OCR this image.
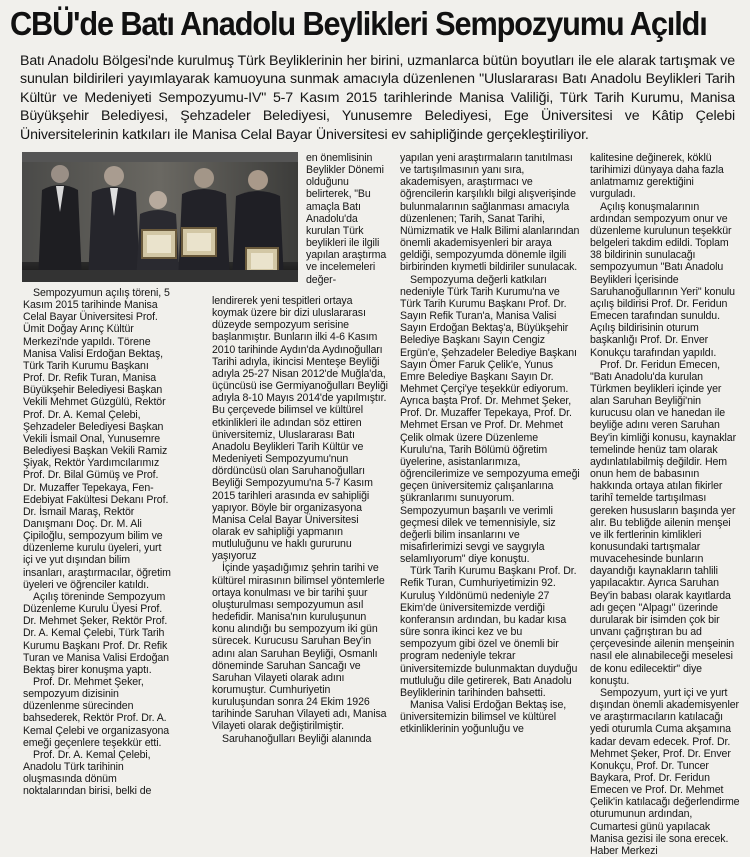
CBÜ'de Batı Anadolu Beylikleri Sempozyumu Açıldı

Batı Anadolu Bölgesi'nde kurulmuş Türk Beyliklerinin her birini, uzmanlarca bütün boyutları ile ele alarak tartışmak ve sunulan bildirileri yayımlayarak kamuoyuna sunmak amacıyla düzenlenen "Uluslararası Batı Anadolu Beylikleri Tarih Kültür ve Medeniyeti Sempozyumu-IV" 5-7 Kasım 2015 tarihlerinde Manisa Valiliği, Türk Tarih Kurumu, Manisa Büyükşehir Belediyesi, Şehzadeler Belediyesi, Yunusemre Belediyesi, Ege Üniversitesi ve Kâtip Çelebi Üniversitelerinin katkıları ile Manisa Celal Bayar Üniversitesi ev sahipliğinde gerçekleştiriliyor.

Sempozyumun açılış töreni, 5 Kasım 2015 tarihinde Manisa Celal Bayar Üniversitesi Prof. Ümit Doğay Arınç Kültür Merkezi'nde yapıldı. Törene Manisa Valisi Erdoğan Bektaş, Türk Tarih Kurumu Başkanı Prof. Dr. Refik Turan, Manisa Büyükşehir Belediyesi Başkan Vekili Mehmet Güzgülü, Rektör Prof. Dr. A. Kemal Çelebi, Şehzadeler Belediyesi Başkan Vekili İsmail Onal, Yunusemre Belediyesi Başkan Vekili Ramiz Şiyak, Rektör Yardımcılarımız Prof. Dr. Bilal Gümüş ve Prof. Dr. Muzaffer Tepekaya, Fen-Edebiyat Fakültesi Dekanı Prof. Dr. İsmail Maraş, Rektör Danışmanı Doç. Dr. M. Ali Çipiloğlu, sempozyum bilim ve düzenleme kurulu üyeleri, yurt içi ve yut dışından bilim insanları, araştırmacılar, öğretim üyeleri ve öğrenciler katıldı.

Açılış töreninde Sempozyum Düzenleme Kurulu Üyesi Prof. Dr. Mehmet Şeker, Rektör Prof. Dr. A. Kemal Çelebi, Türk Tarih Kurumu Başkanı Prof. Dr. Refik Turan ve Manisa Valisi Erdoğan Bektaş birer konuşma yaptı.

Prof. Dr. Mehmet Şeker, sempozyum dizisinin düzenlenme sürecinden bahsederek, Rektör Prof. Dr. A. Kemal Çelebi ve organizasyona emeği geçenlere teşekkür etti.

Prof. Dr. A. Kemal Çelebi, Anadolu Türk tarihinin oluşmasında dönüm noktalarından birisi, belki de

en önemlisinin Beylikler Dönemi olduğunu belirterek, "Bu amaçla Batı Anadolu'da kurulan Türk beylikleri ile ilgili yapılan araştırma ve incelemeleri değer-

lendirerek yeni tespitleri ortaya koymak üzere bir dizi uluslararası düzeyde sempozyum serisine başlanmıştır. Bunların ilki 4-6 Kasım 2010 tarihinde Aydın'da Aydınoğulları Tarihi adıyla, ikincisi Menteşe Beyliği adıyla 25-27 Nisan 2012'de Muğla'da, üçüncüsü ise Germiyanoğulları Beyliği adıyla 8-10 Mayıs 2014'de yapılmıştır. Bu çerçevede bilimsel ve kültürel etkinlikleri ile adından söz ettiren üniversitemiz, Uluslararası Batı Anadolu Beylikleri Tarih Kültür ve Medeniyeti Sempozyumu'nun dördüncüsü olan Saruhanoğulları Beyliği Sempozyumu'na 5-7 Kasım 2015 tarihleri arasında ev sahipliği yapıyor. Böyle bir organizasyona Manisa Celal Bayar Üniversitesi olarak ev sahipliği yapmanın mutluluğunu ve haklı gururunu yaşıyoruz

İçinde yaşadığımız şehrin tarihi ve kültürel mirasının bilimsel yöntemlerle ortaya konulması ve bir tarihi şuur oluşturulması sempozyumun asıl hedefidir. Manisa'nın kuruluşunun konu alındığı bu sempozyum iki gün sürecek. Kurucusu Saruhan Bey'in adını alan Saruhan Beyliği, Osmanlı döneminde Saruhan Sancağı ve Saruhan Vilayeti olarak adını korumuştur. Cumhuriyetin kuruluşundan sonra 24 Ekim 1926 tarihinde Saruhan Vilayeti adı, Manisa Vilayeti olarak değiştirilmiştir.

Saruhanoğulları Beyliği alanında

yapılan yeni araştırmaların tanıtılması ve tartışılmasının yanı sıra, akademisyen, araştırmacı ve öğrencilerin karşılıklı bilgi alışverişinde bulunmalarının sağlanması amacıyla düzenlenen; Tarih, Sanat Tarihi, Nümizmatik ve Halk Bilimi alanlarından önemli akademisyenleri bir araya geldiği, sempozyumda dönemle ilgili birbirinden kıymetli bildiriler sunulacak.

Sempozyuma değerli katkıları nedeniyle Türk Tarih Kurumu'na ve Türk Tarih Kurumu Başkanı Prof. Dr. Sayın Refik Turan'a, Manisa Valisi Sayın Erdoğan Bektaş'a, Büyükşehir Belediye Başkanı Sayın Cengiz Ergün'e, Şehzadeler Belediye Başkanı Sayın Ömer Faruk Çelik'e, Yunus Emre Belediye Başkanı Sayın Dr. Mehmet Çerçi'ye teşekkür ediyorum. Ayrıca başta Prof. Dr. Mehmet Şeker, Prof. Dr. Muzaffer Tepekaya, Prof. Dr. Mehmet Ersan ve Prof. Dr. Mehmet Çelik olmak üzere Düzenleme Kurulu'na, Tarih Bölümü öğretim üyelerine, asistanlarımıza, öğrencilerimize ve sempozyuma emeği geçen üniversitemiz çalışanlarına şükranlarımı sunuyorum. Sempozyumun başarılı ve verimli geçmesi dilek ve temennisiyle, siz değerli bilim insanlarını ve misafirlerimizi sevgi ve saygıyla selamlıyorum" diye konuştu.

Türk Tarih Kurumu Başkanı Prof. Dr. Refik Turan, Cumhuriyetimizin 92. Kuruluş Yıldönümü nedeniyle 27 Ekim'de üniversitemizde verdiği konferansın ardından, bu kadar kısa süre sonra ikinci kez ve bu sempozyum gibi özel ve önemli bir program nedeniyle tekrar üniversitemizde bulunmaktan duyduğu mutluluğu dile getirerek, Batı Anadolu Beyliklerinin tarihinden bahsetti.

Manisa Valisi Erdoğan Bektaş ise, üniversitemizin bilimsel ve kültürel etkinliklerinin yoğunluğu ve

kalitesine değinerek, köklü tarihimizi dünyaya daha fazla anlatmamız gerektiğini vurguladı.

Açılış konuşmalarının ardından sempozyum onur ve düzenleme kurulunun teşekkür belgeleri takdim edildi. Toplam 38 bildirinin sunulacağı sempozyumun "Batı Anadolu Beylikleri İçerisinde Saruhanoğullarının Yeri" konulu açılış bildirisi Prof. Dr. Feridun Emecen tarafından sunuldu. Açılış bildirisinin oturum başkanlığı Prof. Dr. Enver Konukçu tarafından yapıldı.

Prof. Dr. Feridun Emecen, "Batı Anadolu'da kurulan Türkmen beylikleri içinde yer alan Saruhan Beyliği'nin kurucusu olan ve hanedan ile beyliğe adını veren Saruhan Bey'in kimliği konusu, kaynaklar temelinde henüz tam olarak aydınlatılabilmiş değildir. Hem onun hem de babasının hakkında ortaya atılan fikirler tarihî temelde tartışılması gereken hususların başında yer alır. Bu tebliğde ailenin menşei ve ilk fertlerinin kimlikleri konusundaki tartışmalar muvacehesinde bunların dayandığı kaynakların tahlili yapılacaktır. Ayrıca Saruhan Bey'in babası olarak kayıtlarda adı geçen "Alpagı" üzerinde durularak bir isimden çok bir unvanı çağrıştıran bu ad çerçevesinde ailenin menşeinin nasıl ele alınabileceği meselesi de konu edilecektir" diye konuştu.

Sempozyum, yurt içi ve yurt dışından önemli akademisyenler ve araştırmacıların katılacağı yedi oturumla Cuma akşamına kadar devam edecek. Prof. Dr. Mehmet Şeker, Prof. Dr. Enver Konukçu, Prof. Dr. Tuncer Baykara, Prof. Dr. Feridun Emecen ve Prof. Dr. Mehmet Çelik'in katılacağı değerlendirme oturumunun ardından, Cumartesi günü yapılacak Manisa gezisi ile sona erecek. Haber Merkezi
